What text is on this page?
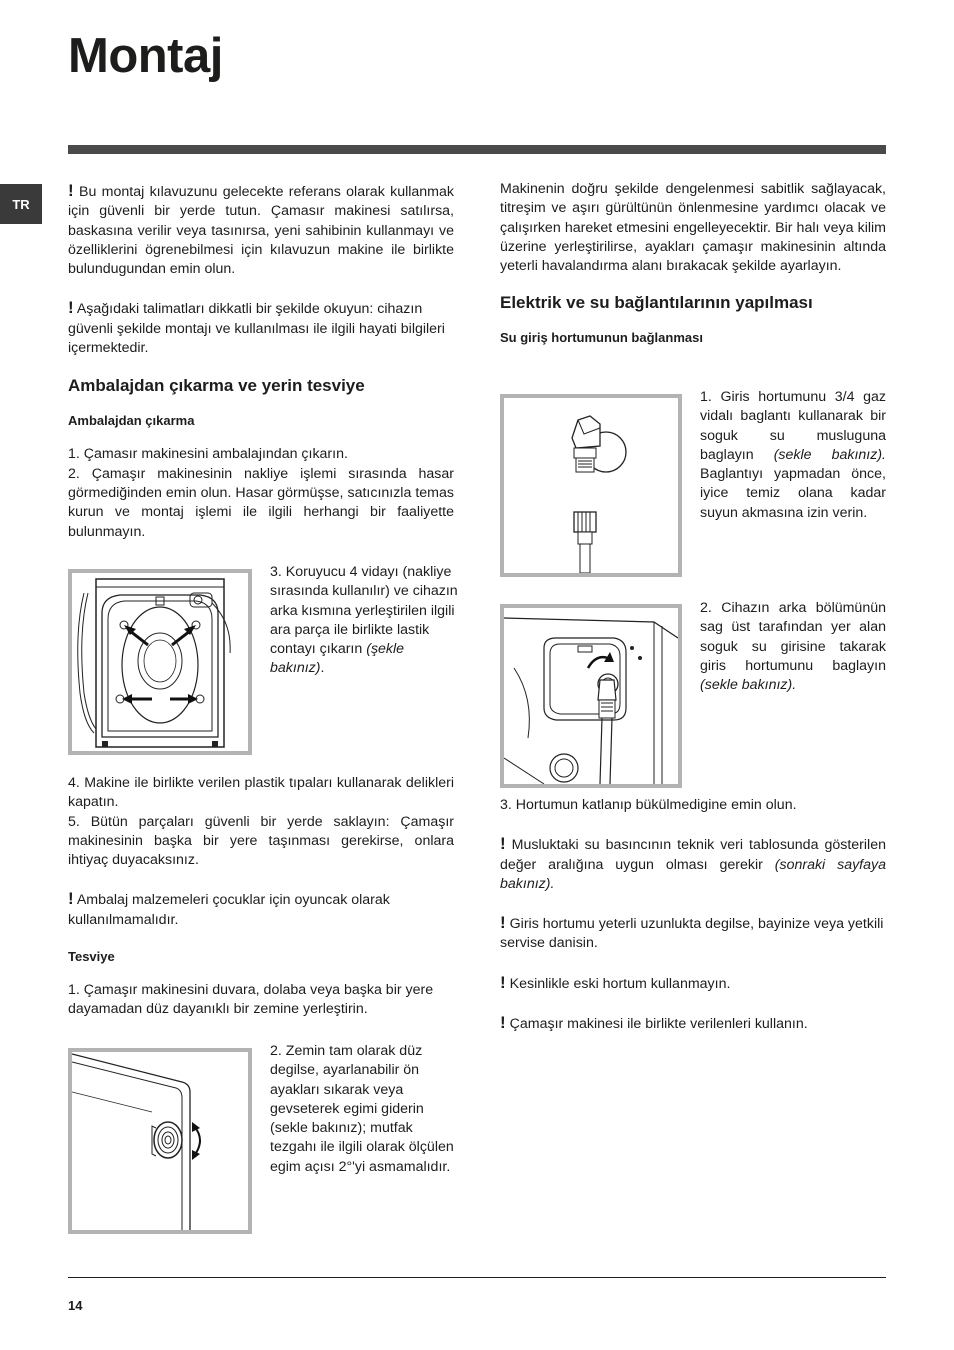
Montaj
TR

! Bu montaj kılavuzunu gelecekte referans olarak kullanmak için güvenli bir yerde tutun. Çamasır makinesi satılırsa, baskasına verilir veya tasınırsa, yeni sahibinin kullanmayı ve özelliklerini ögrenebilmesi için kılavuzun makine ile birlikte bulundugundan emin olun.

! Aşağıdaki talimatları dikkatli bir şekilde okuyun: cihazın güvenli şekilde montajı ve kullanılması ile ilgili hayati bilgileri içermektedir.

Ambalajdan çıkarma ve yerin tesviye
Ambalajdan çıkarma

1. Çamasır makinesini ambalajından çıkarın.

2. Çamaşır makinesinin nakliye işlemi sırasında hasar görmediğinden emin olun. Hasar görmüşse, satıcınızla temas kurun ve montaj işlemi ile ilgili herhangi bir faaliyette bulunmayın.

3. Koruyucu 4 vidayı (nakliye sırasında kullanılır) ve cihazın arka kısmına yerleştirilen ilgili ara parça ile birlikte lastik contayı çıkarın (şekle bakınız).

4. Makine ile birlikte verilen plastik tıpaları kullanarak delikleri kapatın.

5. Bütün parçaları güvenli bir yerde saklayın: Çamaşır makinesinin başka bir yere taşınması gerekirse, onlara ihtiyaç duyacaksınız.

! Ambalaj malzemeleri çocuklar için oyuncak olarak kullanılmamalıdır.

Tesviye

1. Çamaşır makinesini duvara, dolaba veya başka bir yere dayamadan düz dayanıklı bir zemine yerleştirin.

2. Zemin tam olarak düz degilse, ayarlanabilir ön ayakları sıkarak veya gevseterek egimi giderin (sekle bakınız); mutfak tezgahı ile ilgili olarak ölçülen egim açısı 2°'yi asmamalıdır.

Makinenin doğru şekilde dengelenmesi sabitlik sağlayacak, titreşim ve aşırı gürültünün önlenmesine yardımcı olacak ve çalışırken hareket etmesini engelleyecektir. Bir halı veya kilim üzerine yerleştirilirse, ayakları çamaşır makinesinin altında yeterli havalandırma alanı bırakacak şekilde ayarlayın.

Elektrik ve su bağlantılarının yapılması
Su giriş hortumunun bağlanması

1. Giris hortumunu 3/4 gaz vidalı baglantı kullanarak bir soguk su musluguna baglayın (sekle bakınız). Baglantıyı yapmadan önce, iyice temiz olana kadar suyun akmasına izin verin.

2. Cihazın arka bölümünün sag üst tarafından yer alan soguk su girisine takarak giris hortumunu baglayın (sekle bakınız).

3. Hortumun katlanıp bükülmedigine emin olun.

! Musluktaki su basıncının teknik veri tablosunda gösterilen değer aralığına uygun olması gerekir (sonraki sayfaya bakınız).

! Giris hortumu yeterli uzunlukta degilse, bayinize veya yetkili servise danisin.

! Kesinlikle eski hortum kullanmayın.

! Çamaşır makinesi ile birlikte verilenleri kullanın.

14
